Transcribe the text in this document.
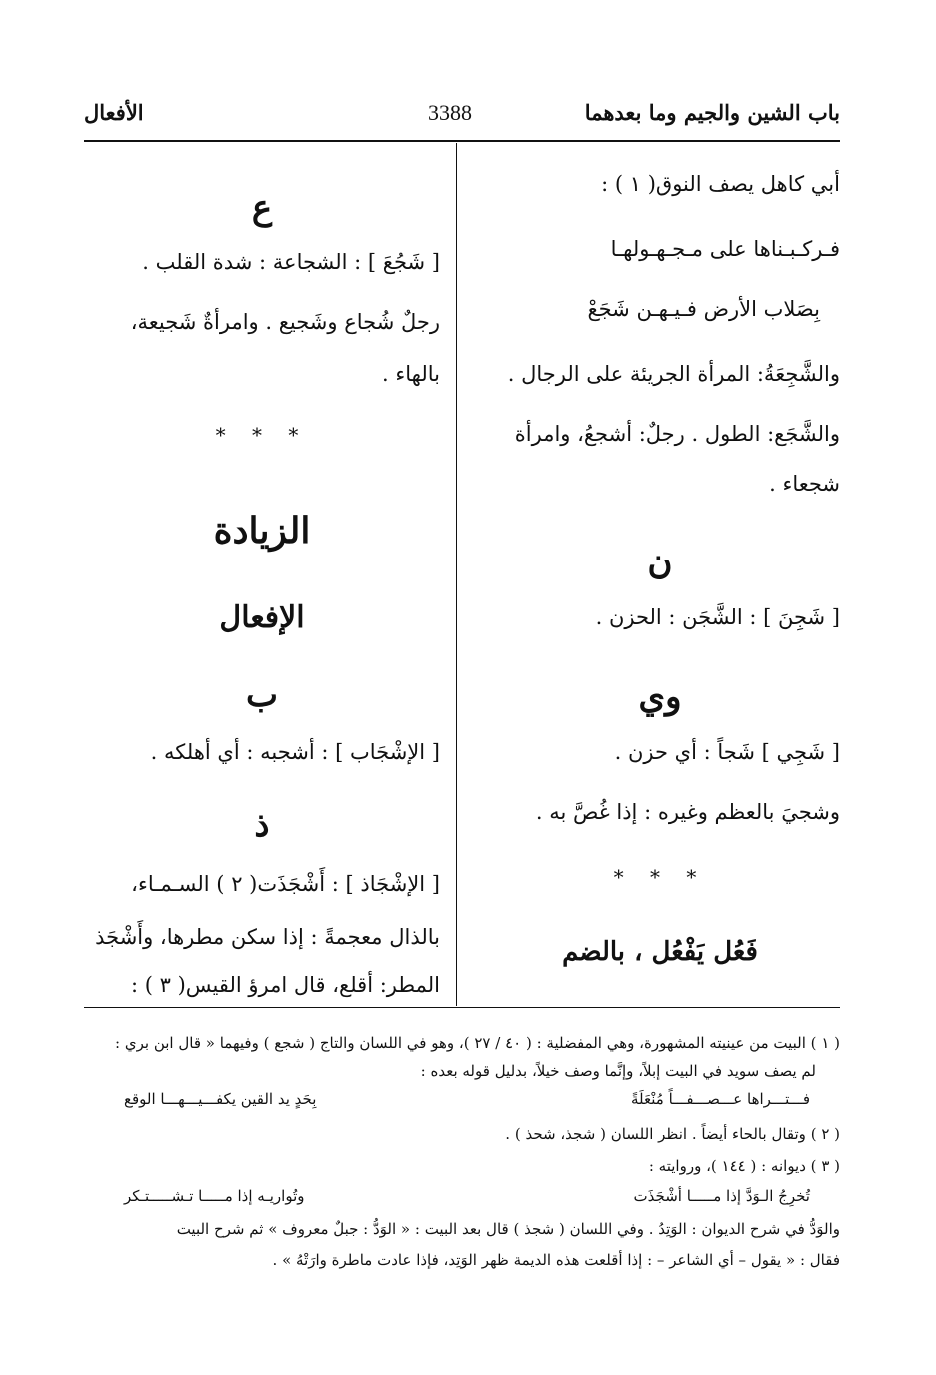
باب الشين والجيم وما بعدهما
3388
الأفعال
أبي كاهل يصف النوق( ١ ) :
فـركـبـناها على مـجـهـولهـا
بِصَلاب الأرض فـيـهـن شَجَعْ
والشَّجِعَةُ: المرأة الجريئة على الرجال .
والشَّجَع: الطول . رجلٌ: أشجعُ، وامرأة
شجعاء .
ن
[ شَجِنَ ] : الشَّجَن : الحزن .
وي
[ شَجِي ] شَجاً : أي حزن .
وشجيَ بالعظم وغيره : إذا غُصَّ به .
* * *
فَعُل يَفْعُل ، بالضم
ع
[ شَجُعَ ] : الشجاعة : شدة القلب .
رجلٌ شُجاع وشَجيع . وامرأةٌ شَجيعة،
بالهاء .
* * *
الزيادة
الإفعال
ب
[ الإشْجَاب ] : أشجبه : أي أهلكه .
ذ
[ الإشْجَاذ ] : أَشْجَذَت( ٢ ) السـمـاء،
بالذال معجمةً : إذا سكن مطرها، وأَشْجَذ
المطر: أقلع، قال امرؤ القيس( ٣ ) :
( ١ ) البيت من عينيته المشهورة، وهي المفضلية : ( ٤٠ / ٢٧ )، وهو في اللسان والتاج ( شجع ) وفيهما « قال ابن بري :
لم يصف سويد في البيت إبلاً، وإنَّما وصف خيلاً، بدليل قوله بعده :
فـــتـــراها عـــصـــفـــاً مُنْعَلَةً
بِحَدٍ يد القين يكفـــيـــهـــا الوقع
( ٢ ) وتقال بالحاء أيضاً . انظر اللسان ( شجذ، شحذ ) .
( ٣ ) ديوانه : ( ١٤٤ )، وروايته :
تُخرِجُ الـوَدَّ إذا مـــــا أشْجَذَت
وتُواريـه إذا مـــــا تـشـــــتـكر
والوَدُّ في شرح الديوان : الوَتِدُ . وفي اللسان ( شجذ ) قال بعد البيت : « الوَدُّ : جبلٌ معروف » ثم شرح البيت
فقال : « يقول – أي الشاعر – : إذا أقلعت هذه الديمة ظهر الوَتِد، فإذا عادت ماطرة وارَتْهُ » .
